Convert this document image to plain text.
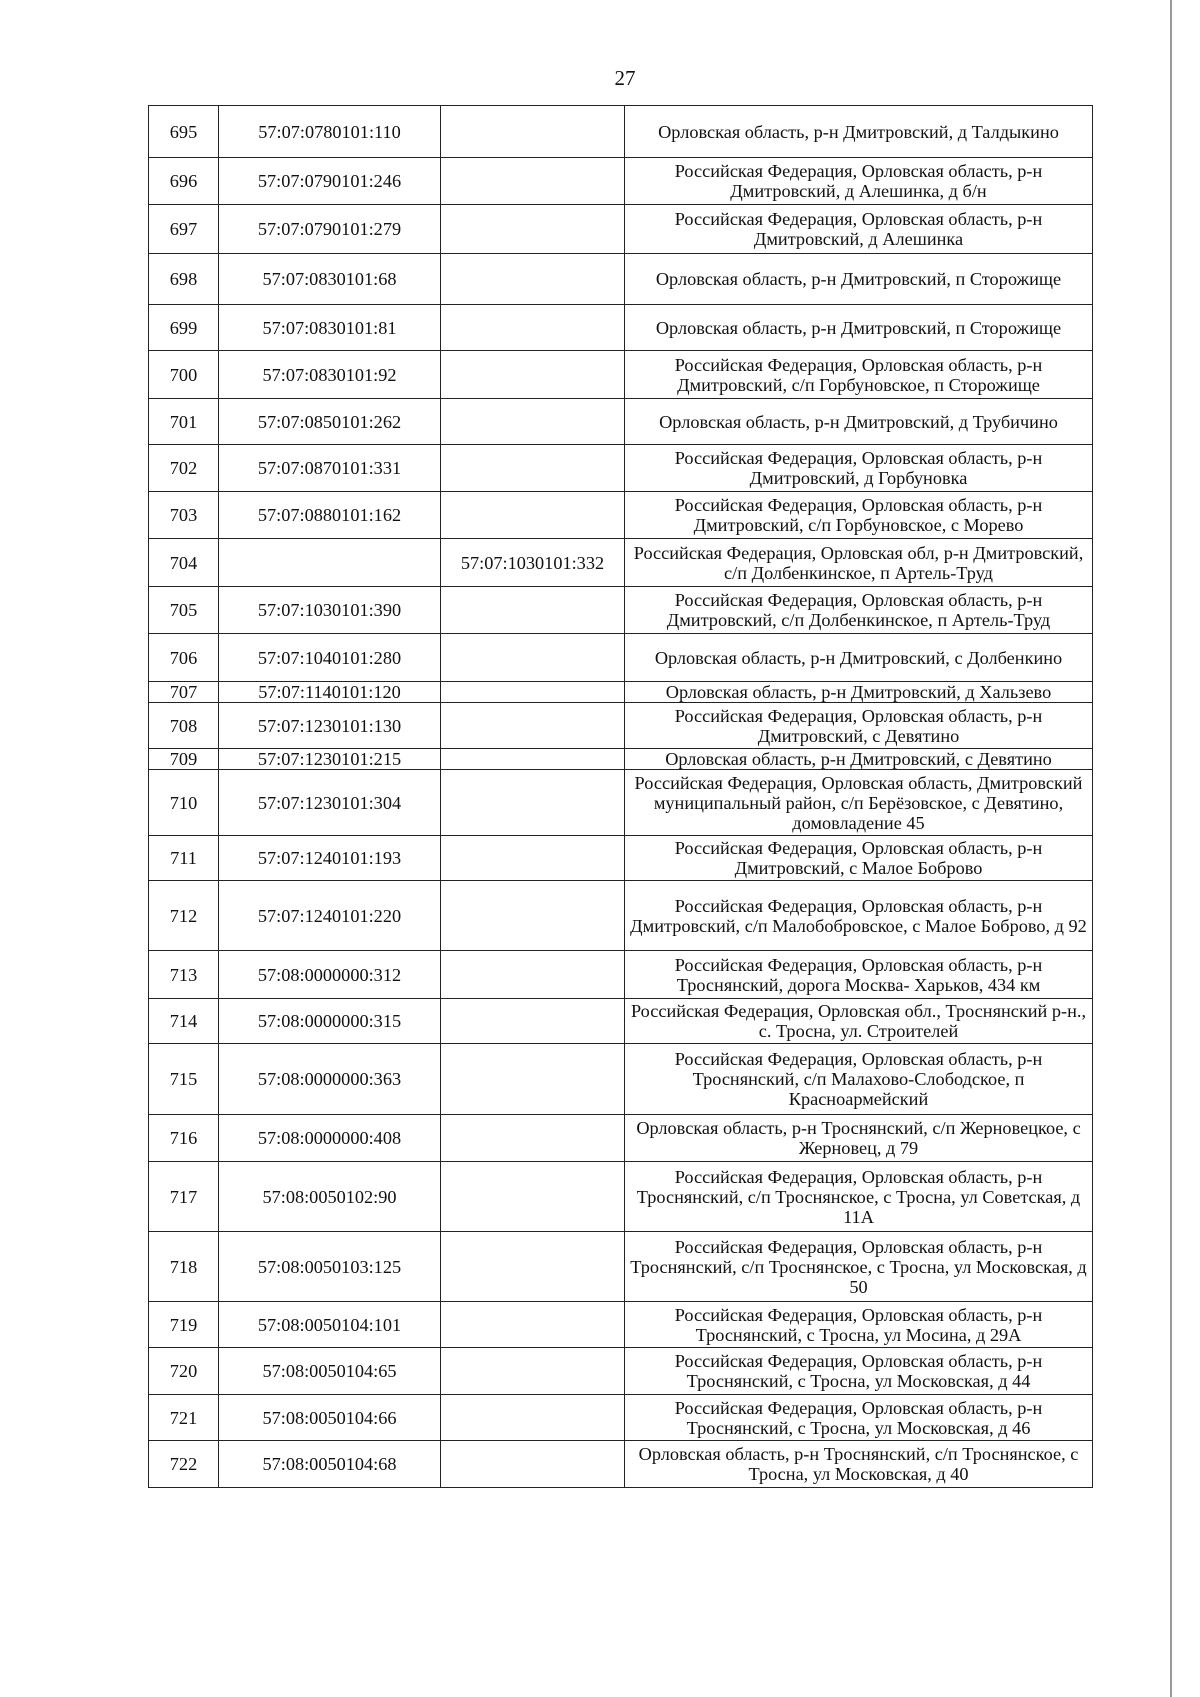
27
695	57:07:0780101:110		Орловская область, р-н Дмитровский, д Талдыкино
696	57:07:0790101:246		Российская Федерация, Орловская область, р-н Дмитровский, д Алешинка, д б/н
697	57:07:0790101:279		Российская Федерация, Орловская область, р-н Дмитровский, д Алешинка
698	57:07:0830101:68		Орловская область, р-н Дмитровский, п Сторожище
699	57:07:0830101:81		Орловская область, р-н Дмитровский, п Сторожище
700	57:07:0830101:92		Российская Федерация, Орловская область, р-н Дмитровский, с/п Горбуновское, п Сторожище
701	57:07:0850101:262		Орловская область, р-н Дмитровский, д Трубичино
702	57:07:0870101:331		Российская Федерация, Орловская область, р-н Дмитровский, д Горбуновка
703	57:07:0880101:162		Российская Федерация, Орловская область, р-н Дмитровский, с/п Горбуновское, с Морево
704		57:07:1030101:332	Российская Федерация, Орловская обл, р-н Дмитровский, с/п Долбенкинское, п Артель-Труд
705	57:07:1030101:390		Российская Федерация, Орловская область, р-н Дмитровский, с/п Долбенкинское, п Артель-Труд
706	57:07:1040101:280		Орловская область, р-н Дмитровский, с Долбенкино
707	57:07:1140101:120		Орловская область, р-н Дмитровский, д Хальзево
708	57:07:1230101:130		Российская Федерация, Орловская область, р-н Дмитровский, с Девятино
709	57:07:1230101:215		Орловская область, р-н Дмитровский, с Девятино
710	57:07:1230101:304		Российская Федерация, Орловская область, Дмитровский муниципальный район, с/п Берёзовское, с Девятино, домовладение 45
711	57:07:1240101:193		Российская Федерация, Орловская область, р-н Дмитровский, с Малое Боброво
712	57:07:1240101:220		Российская Федерация, Орловская область, р-н Дмитровский, с/п Малобобровское, с Малое Боброво, д 92
713	57:08:0000000:312		Российская Федерация, Орловская область, р-н Троснянский, дорога Москва- Харьков, 434 км
714	57:08:0000000:315		Российская Федерация, Орловская обл., Троснянский р-н., с. Тросна, ул. Строителей
715	57:08:0000000:363		Российская Федерация, Орловская область, р-н Троснянский, с/п Малахово-Слободское, п Красноармейский
716	57:08:0000000:408		Орловская область, р-н Троснянский, с/п Жерновецкое, с Жерновец, д 79
717	57:08:0050102:90		Российская Федерация, Орловская область, р-н Троснянский, с/п Троснянское, с Тросна, ул Советская, д 11А
718	57:08:0050103:125		Российская Федерация, Орловская область, р-н Троснянский, с/п Троснянское, с Тросна, ул Московская, д 50
719	57:08:0050104:101		Российская Федерация, Орловская область, р-н Троснянский, с Тросна, ул Мосина, д 29А
720	57:08:0050104:65		Российская Федерация, Орловская область, р-н Троснянский, с Тросна, ул Московская, д 44
721	57:08:0050104:66		Российская Федерация, Орловская область, р-н Троснянский, с Тросна, ул Московская, д 46
722	57:08:0050104:68		Орловская область, р-н Троснянский, с/п Троснянское, с Тросна, ул Московская, д 40
